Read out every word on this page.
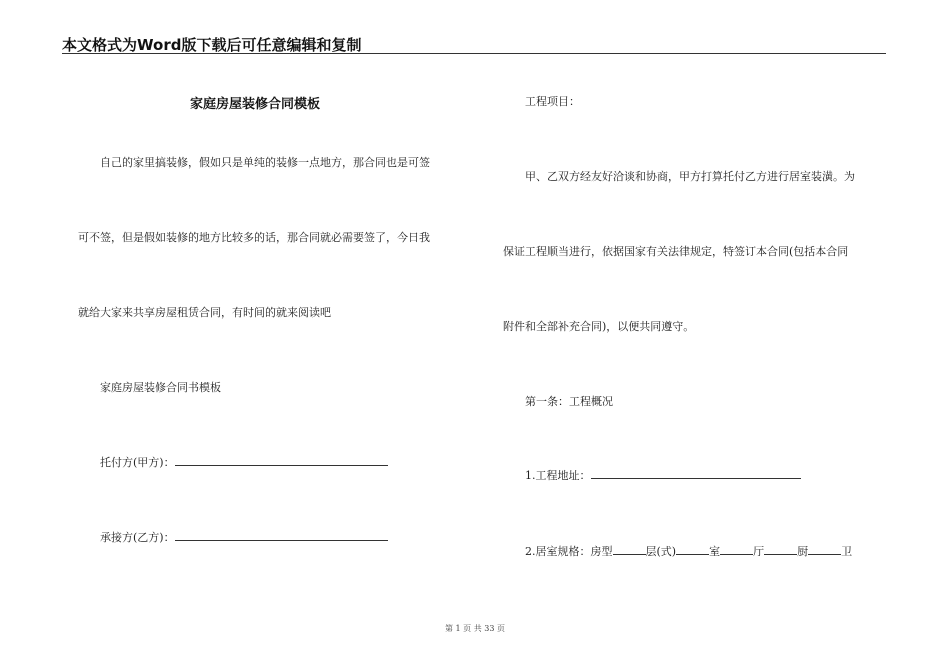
本文格式为Word版下载后可任意编辑和复制
家庭房屋装修合同模板
自己的家里搞装修，假如只是单纯的装修一点地方，那合同也是可签
可不签，但是假如装修的地方比较多的话，那合同就必需要签了，今日我
就给大家来共享房屋租赁合同，有时间的就来阅读吧
家庭房屋装修合同书模板
托付方(甲方)：
承接方(乙方)：
工程项目：
甲、乙双方经友好洽谈和协商，甲方打算托付乙方进行居室装潢。为
保证工程顺当进行，依据国家有关法律规定，特签订本合同(包括本合同
附件和全部补充合同)，以便共同遵守。
第一条：工程概况
1.工程地址：
2.居室规格：房型	层(式)	室	厅	厨	卫
第 1 页 共 33 页
